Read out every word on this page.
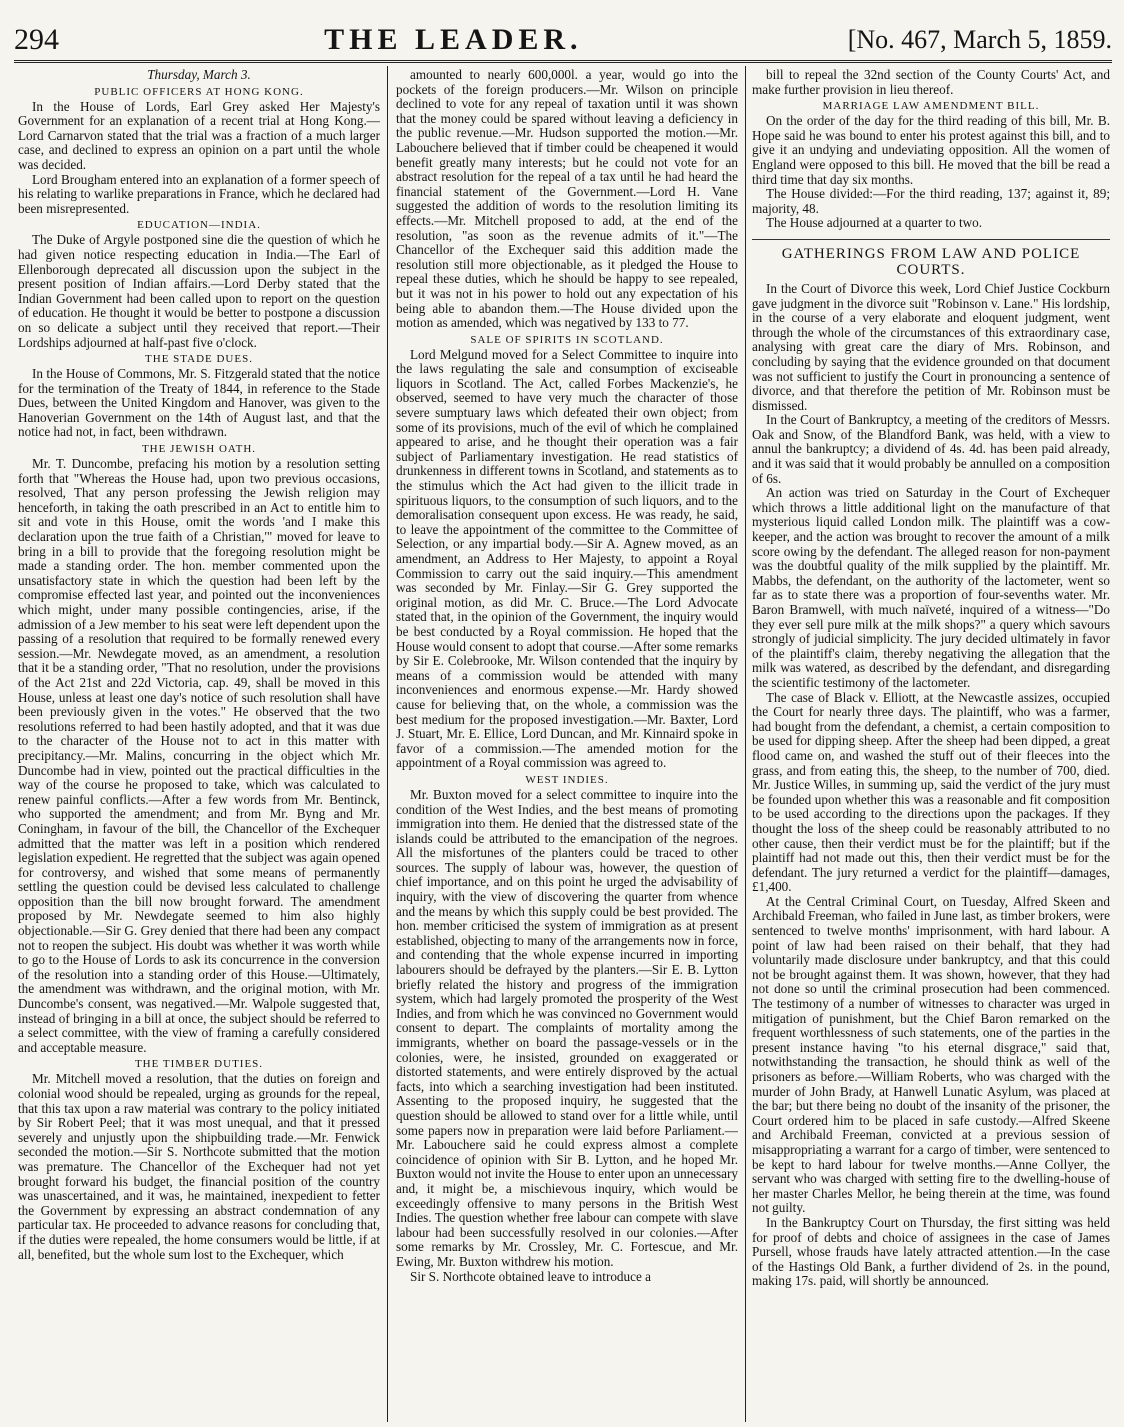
294	THE LEADER.	[No. 467, March 5, 1859.
Thursday, March 3.
PUBLIC OFFICERS AT HONG KONG.

In the House of Lords, Earl Grey asked Her Majesty's Government for an explanation of a recent trial at Hong Kong.—Lord Carnarvon stated that the trial was a fraction of a much larger case, and declined to express an opinion on a part until the whole was decided.

Lord Brougham entered into an explanation of a former speech of his relating to warlike preparations in France, which he declared had been misrepresented.

EDUCATION—INDIA.

The Duke of Argyle postponed sine die the question of which he had given notice respecting education in India.—The Earl of Ellenborough deprecated all discussion upon the subject in the present position of Indian affairs.—Lord Derby stated that the Indian Government had been called upon to report on the question of education. He thought it would be better to postpone a discussion on so delicate a subject until they received that report.—Their Lordships adjourned at half-past five o'clock.

THE STADE DUES.

In the House of Commons, Mr. S. Fitzgerald stated that the notice for the termination of the Treaty of 1844, in reference to the Stade Dues, between the United Kingdom and Hanover, was given to the Hanoverian Government on the 14th of August last, and that the notice had not, in fact, been withdrawn.

THE JEWISH OATH.

Mr. T. Duncombe, prefacing his motion by a resolution setting forth that "Whereas the House had, upon two previous occasions, resolved, That any person professing the Jewish religion may henceforth, in taking the oath prescribed in an Act to entitle him to sit and vote in this House, omit the words 'and I make this declaration upon the true faith of a Christian,'" moved for leave to bring in a bill to provide that the foregoing resolution might be made a standing order. The hon. member commented upon the unsatisfactory state in which the question had been left by the compromise effected last year, and pointed out the inconveniences which might, under many possible contingencies, arise, if the admission of a Jew member to his seat were left dependent upon the passing of a resolution that required to be formally renewed every session.—Mr. Newdegate moved, as an amendment, a resolution that it be a standing order, "That no resolution, under the provisions of the Act 21st and 22d Victoria, cap. 49, shall be moved in this House, unless at least one day's notice of such resolution shall have been previously given in the votes." He observed that the two resolutions referred to had been hastily adopted, and that it was due to the character of the House not to act in this matter with precipitancy.—Mr. Malins, concurring in the object which Mr. Duncombe had in view, pointed out the practical difficulties in the way of the course he proposed to take, which was calculated to renew painful conflicts.—After a few words from Mr. Bentinck, who supported the amendment; and from Mr. Byng and Mr. Coningham, in favour of the bill, the Chancellor of the Exchequer admitted that the matter was left in a position which rendered legislation expedient. He regretted that the subject was again opened for controversy, and wished that some means of permanently settling the question could be devised less calculated to challenge opposition than the bill now brought forward. The amendment proposed by Mr. Newdegate seemed to him also highly objectionable.—Sir G. Grey denied that there had been any compact not to reopen the subject. His doubt was whether it was worth while to go to the House of Lords to ask its concurrence in the conversion of the resolution into a standing order of this House.—Ultimately, the amendment was withdrawn, and the original motion, with Mr. Duncombe's consent, was negatived.—Mr. Walpole suggested that, instead of bringing in a bill at once, the subject should be referred to a select committee, with the view of framing a carefully considered and acceptable measure.

THE TIMBER DUTIES.

Mr. Mitchell moved a resolution, that the duties on foreign and colonial wood should be repealed, urging as grounds for the repeal, that this tax upon a raw material was contrary to the policy initiated by Sir Robert Peel; that it was most unequal, and that it pressed severely and unjustly upon the shipbuilding trade.—Mr. Fenwick seconded the motion.—Sir S. Northcote submitted that the motion was premature. The Chancellor of the Exchequer had not yet brought forward his budget, the financial position of the country was unascertained, and it was, he maintained, inexpedient to fetter the Government by expressing an abstract condemnation of any particular tax. He proceeded to advance reasons for concluding that, if the duties were repealed, the home consumers would be little, if at all, benefited, but the whole sum lost to the Exchequer, which

amounted to nearly 600,000l. a year, would go into the pockets of the foreign producers.—Mr. Wilson on principle declined to vote for any repeal of taxation until it was shown that the money could be spared without leaving a deficiency in the public revenue.—Mr. Hudson supported the motion.—Mr. Labouchere believed that if timber could be cheapened it would benefit greatly many interests; but he could not vote for an abstract resolution for the repeal of a tax until he had heard the financial statement of the Government.—Lord H. Vane suggested the addition of words to the resolution limiting its effects.—Mr. Mitchell proposed to add, at the end of the resolution, "as soon as the revenue admits of it."—The Chancellor of the Exchequer said this addition made the resolution still more objectionable, as it pledged the House to repeal these duties, which he should be happy to see repealed, but it was not in his power to hold out any expectation of his being able to abandon them.—The House divided upon the motion as amended, which was negatived by 133 to 77.

SALE OF SPIRITS IN SCOTLAND.

Lord Melgund moved for a Select Committee to inquire into the laws regulating the sale and consumption of exciseable liquors in Scotland. The Act, called Forbes Mackenzie's, he observed, seemed to have very much the character of those severe sumptuary laws which defeated their own object; from some of its provisions, much of the evil of which he complained appeared to arise, and he thought their operation was a fair subject of Parliamentary investigation. He read statistics of drunkenness in different towns in Scotland, and statements as to the stimulus which the Act had given to the illicit trade in spirituous liquors, to the consumption of such liquors, and to the demoralisation consequent upon excess. He was ready, he said, to leave the appointment of the committee to the Committee of Selection, or any impartial body.—Sir A. Agnew moved, as an amendment, an Address to Her Majesty, to appoint a Royal Commission to carry out the said inquiry.—This amendment was seconded by Mr. Finlay.—Sir G. Grey supported the original motion, as did Mr. C. Bruce.—The Lord Advocate stated that, in the opinion of the Government, the inquiry would be best conducted by a Royal commission. He hoped that the House would consent to adopt that course.—After some remarks by Sir E. Colebrooke, Mr. Wilson contended that the inquiry by means of a commission would be attended with many inconveniences and enormous expense.—Mr. Hardy showed cause for believing that, on the whole, a commission was the best medium for the proposed investigation.—Mr. Baxter, Lord J. Stuart, Mr. E. Ellice, Lord Duncan, and Mr. Kinnaird spoke in favor of a commission.—The amended motion for the appointment of a Royal commission was agreed to.

WEST INDIES.

Mr. Buxton moved for a select committee to inquire into the condition of the West Indies, and the best means of promoting immigration into them. He denied that the distressed state of the islands could be attributed to the emancipation of the negroes. All the misfortunes of the planters could be traced to other sources. The supply of labour was, however, the question of chief importance, and on this point he urged the advisability of inquiry, with the view of discovering the quarter from whence and the means by which this supply could be best provided. The hon. member criticised the system of immigration as at present established, objecting to many of the arrangements now in force, and contending that the whole expense incurred in importing labourers should be defrayed by the planters.—Sir E. B. Lytton briefly related the history and progress of the immigration system, which had largely promoted the prosperity of the West Indies, and from which he was convinced no Government would consent to depart. The complaints of mortality among the immigrants, whether on board the passage-vessels or in the colonies, were, he insisted, grounded on exaggerated or distorted statements, and were entirely disproved by the actual facts, into which a searching investigation had been instituted. Assenting to the proposed inquiry, he suggested that the question should be allowed to stand over for a little while, until some papers now in preparation were laid before Parliament.—Mr. Labouchere said he could express almost a complete coincidence of opinion with Sir B. Lytton, and he hoped Mr. Buxton would not invite the House to enter upon an unnecessary and, it might be, a mischievous inquiry, which would be exceedingly offensive to many persons in the British West Indies. The question whether free labour can compete with slave labour had been successfully resolved in our colonies.—After some remarks by Mr. Crossley, Mr. C. Fortescue, and Mr. Ewing, Mr. Buxton withdrew his motion.

Sir S. Northcote obtained leave to introduce a

bill to repeal the 32nd section of the County Courts' Act, and make further provision in lieu thereof.

MARRIAGE LAW AMENDMENT BILL.

On the order of the day for the third reading of this bill, Mr. B. Hope said he was bound to enter his protest against this bill, and to give it an undying and undeviating opposition. All the women of England were opposed to this bill. He moved that the bill be read a third time that day six months.

The House divided:—For the third reading, 137; against it, 89; majority, 48.

The House adjourned at a quarter to two.

GATHERINGS FROM LAW AND POLICE COURTS.

In the Court of Divorce this week, Lord Chief Justice Cockburn gave judgment in the divorce suit "Robinson v. Lane." His lordship, in the course of a very elaborate and eloquent judgment, went through the whole of the circumstances of this extraordinary case, analysing with great care the diary of Mrs. Robinson, and concluding by saying that the evidence grounded on that document was not sufficient to justify the Court in pronouncing a sentence of divorce, and that therefore the petition of Mr. Robinson must be dismissed.

In the Court of Bankruptcy, a meeting of the creditors of Messrs. Oak and Snow, of the Blandford Bank, was held, with a view to annul the bankruptcy; a dividend of 4s. 4d. has been paid already, and it was said that it would probably be annulled on a composition of 6s.

An action was tried on Saturday in the Court of Exchequer which throws a little additional light on the manufacture of that mysterious liquid called London milk. The plaintiff was a cow-keeper, and the action was brought to recover the amount of a milk score owing by the defendant. The alleged reason for non-payment was the doubtful quality of the milk supplied by the plaintiff. Mr. Mabbs, the defendant, on the authority of the lactometer, went so far as to state there was a proportion of four-sevenths water. Mr. Baron Bramwell, with much naïveté, inquired of a witness—"Do they ever sell pure milk at the milk shops?" a query which savours strongly of judicial simplicity. The jury decided ultimately in favor of the plaintiff's claim, thereby negativing the allegation that the milk was watered, as described by the defendant, and disregarding the scientific testimony of the lactometer.

The case of Black v. Elliott, at the Newcastle assizes, occupied the Court for nearly three days. The plaintiff, who was a farmer, had bought from the defendant, a chemist, a certain composition to be used for dipping sheep. After the sheep had been dipped, a great flood came on, and washed the stuff out of their fleeces into the grass, and from eating this, the sheep, to the number of 700, died. Mr. Justice Willes, in summing up, said the verdict of the jury must be founded upon whether this was a reasonable and fit composition to be used according to the directions upon the packages. If they thought the loss of the sheep could be reasonably attributed to no other cause, then their verdict must be for the plaintiff; but if the plaintiff had not made out this, then their verdict must be for the defendant. The jury returned a verdict for the plaintiff—damages, £1,400.

At the Central Criminal Court, on Tuesday, Alfred Skeen and Archibald Freeman, who failed in June last, as timber brokers, were sentenced to twelve months' imprisonment, with hard labour. A point of law had been raised on their behalf, that they had voluntarily made disclosure under bankruptcy, and that this could not be brought against them. It was shown, however, that they had not done so until the criminal prosecution had been commenced. The testimony of a number of witnesses to character was urged in mitigation of punishment, but the Chief Baron remarked on the frequent worthlessness of such statements, one of the parties in the present instance having "to his eternal disgrace," said that, notwithstanding the transaction, he should think as well of the prisoners as before.—William Roberts, who was charged with the murder of John Brady, at Hanwell Lunatic Asylum, was placed at the bar; but there being no doubt of the insanity of the prisoner, the Court ordered him to be placed in safe custody.—Alfred Skeene and Archibald Freeman, convicted at a previous session of misappropriating a warrant for a cargo of timber, were sentenced to be kept to hard labour for twelve months.—Anne Collyer, the servant who was charged with setting fire to the dwelling-house of her master Charles Mellor, he being therein at the time, was found not guilty.

In the Bankruptcy Court on Thursday, the first sitting was held for proof of debts and choice of assignees in the case of James Pursell, whose frauds have lately attracted attention.—In the case of the Hastings Old Bank, a further dividend of 2s. in the pound, making 17s. paid, will shortly be announced.
